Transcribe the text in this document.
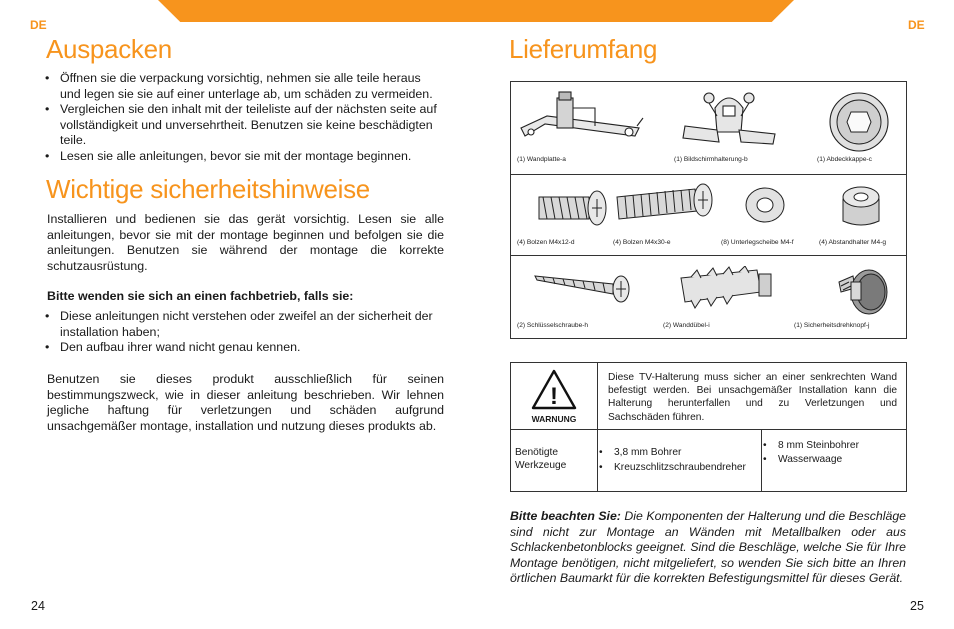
DE	DE
Auspacken
• Öffnen sie die verpackung vorsichtig, nehmen sie alle teile heraus und legen sie sie auf einer unterlage ab, um schäden zu vermeiden.
• Vergleichen sie den inhalt mit der teileliste auf der nächsten seite auf vollständigkeit und unversehrtheit. Benutzen sie keine beschädigten teile.
• Lesen sie alle anleitungen, bevor sie mit der montage beginnen.
Wichtige sicherheitshinweise
Installieren und bedienen sie das gerät vorsichtig. Lesen sie alle anleitungen, bevor sie mit der montage beginnen und befolgen sie die anleitungen. Benutzen sie während der montage die korrekte schutzausrüstung.
Bitte wenden sie sich an einen fachbetrieb, falls sie:
• Diese anleitungen nicht verstehen oder zweifel an der sicherheit der installation haben;
• Den aufbau ihrer wand nicht genau kennen.
Benutzen sie dieses produkt ausschließlich für seinen bestimmungszweck, wie in dieser anleitung beschrieben. Wir lehnen jegliche haftung für verletzungen und schäden aufgrund unsachgemäßer montage, installation und nutzung dieses produkts ab.
24
Lieferumfang
(1) Wandplatte-a	(1) Bildschirmhalterung-b	(1) Abdeckkappe-c
(4) Bolzen M4x12-d	(4) Bolzen M4x30-e	(8) Unterlegscheibe M4-f	(4) Abstandhalter M4-g
(2) Schlüsselschraube-h	(2) Wanddübel-i	(1) Sicherheitsdrehknopf-j
!
WARNUNG
Diese TV-Halterung muss sicher an einer senkrechten Wand befestigt werden. Bei unsachgemäßer Installation kann die Halterung herunterfallen und zu Verletzungen und Sachschäden führen.
Benötigte Werkzeuge
• 3,8 mm Bohrer
• Kreuzschlitzschraubendreher
• 8 mm Steinbohrer
• Wasserwaage
Bitte beachten Sie: Die Komponenten der Halterung und die Beschläge sind nicht zur Montage an Wänden mit Metallbalken oder aus Schlackenbetonblocks geeignet. Sind die Beschläge, welche Sie für Ihre Montage benötigen, nicht mitgeliefert, so wenden Sie sich bitte an Ihren örtlichen Baumarkt für die korrekten Befestigungsmittel für dieses Gerät.
25
